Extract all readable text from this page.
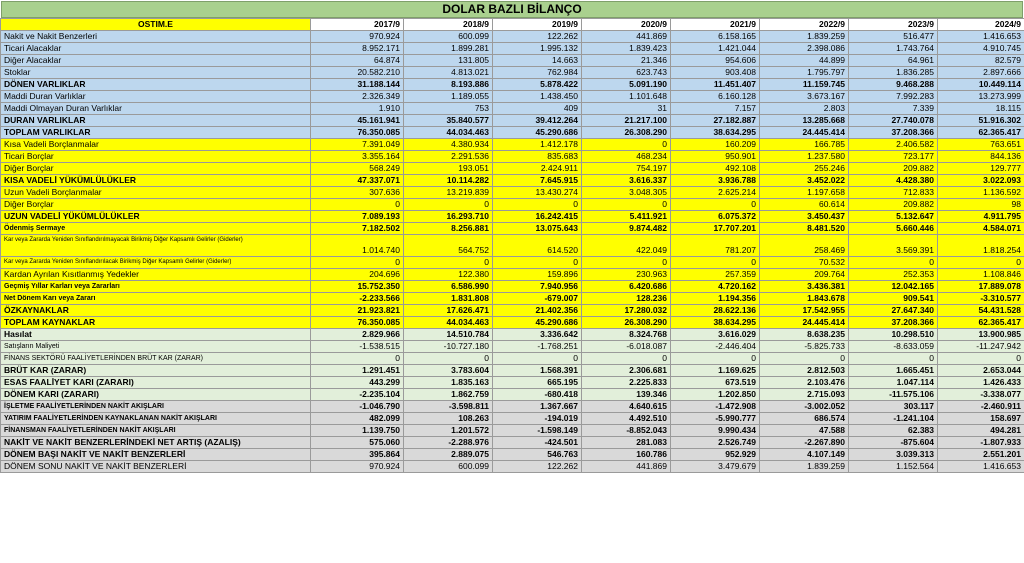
DOLAR BAZLI BİLANÇO
OSTIM.E	2017/9	2018/9	2019/9	2020/9	2021/9	2022/9	2023/9	2024/9
Nakit ve Nakit Benzerleri	970.924	600.099	122.262	441.869	6.158.165	1.839.259	516.477	1.416.653
Ticari Alacaklar	8.952.171	1.899.281	1.995.132	1.839.423	1.421.044	2.398.086	1.743.764	4.910.745
Diğer Alacaklar	64.874	131.805	14.663	21.346	954.606	44.899	64.961	82.579
Stoklar	20.582.210	4.813.021	762.984	623.743	903.408	1.795.797	1.836.285	2.897.666
DÖNEN VARLIKLAR	31.188.144	8.193.886	5.878.422	5.091.190	11.451.407	11.159.745	9.468.288	10.449.114
Maddi Duran Varlıklar	2.326.349	1.189.055	1.438.450	1.101.648	6.160.128	3.673.167	7.992.283	13.273.999
Maddi Olmayan Duran Varlıklar	1.910	753	409	31	7.157	2.803	7.339	18.115
DURAN VARLIKLAR	45.161.941	35.840.577	39.412.264	21.217.100	27.182.887	13.285.668	27.740.078	51.916.302
TOPLAM VARLIKLAR	76.350.085	44.034.463	45.290.686	26.308.290	38.634.295	24.445.414	37.208.366	62.365.417
Kısa Vadeli Borçlanmalar	7.391.049	4.380.934	1.412.178	0	160.209	166.785	2.406.582	763.651
Ticari Borçlar	3.355.164	2.291.536	835.683	468.234	950.901	1.237.580	723.177	844.136
Diğer Borçlar	568.249	193.051	2.424.911	754.197	492.108	255.246	209.882	129.777
KISA VADELİ YÜKÜMLÜLÜKLER	47.337.071	10.114.282	7.645.915	3.616.337	3.936.788	3.452.022	4.428.380	3.022.093
Uzun Vadeli Borçlanmalar	307.636	13.219.839	13.430.274	3.048.305	2.625.214	1.197.658	712.833	1.136.592
Diğer Borçlar	0	0	0	0	0	60.614	209.882	98
UZUN VADELİ YÜKÜMLÜLÜKLER	7.089.193	16.293.710	16.242.415	5.411.921	6.075.372	3.450.437	5.132.647	4.911.795
Ödenmiş Sermaye	7.182.502	8.256.881	13.075.643	9.874.482	17.707.201	8.481.520	5.660.446	4.584.071
Kar veya Zararda Yeniden Sınıflandırılmayacak Birikmiş Diğer Kapsamlı Gelirler (Giderler)	1.014.740	564.752	614.520	422.049	781.207	258.469	3.569.391	1.818.254
Kar veya Zararda Yeniden Sınıflandırılacak Birikmiş Diğer Kapsamlı Gelirler (Giderler)	0	0	0	0	0	70.532	0	0
Kardan Ayrılan Kısıtlanmış Yedekler	204.696	122.380	159.896	230.963	257.359	209.764	252.353	1.108.846
Geçmiş Yıllar Karları veya Zararları	15.752.350	6.586.990	7.940.956	6.420.686	4.720.162	3.436.381	12.042.165	17.889.078
Net Dönem Karı veya Zararı	-2.233.566	1.831.808	-679.007	128.236	1.194.356	1.843.678	909.541	-3.310.577
ÖZKAYNAKLAR	21.923.821	17.626.471	21.402.356	17.280.032	28.622.136	17.542.955	27.647.340	54.431.528
TOPLAM KAYNAKLAR	76.350.085	44.034.463	45.290.686	26.308.290	38.634.295	24.445.414	37.208.366	62.365.417
Hasılat	2.829.966	14.510.784	3.336.642	8.324.768	3.616.029	8.638.235	10.298.510	13.900.985
Satışların Maliyeti	-1.538.515	-10.727.180	-1.768.251	-6.018.087	-2.446.404	-5.825.733	-8.633.059	-11.247.942
FİNANS SEKTÖRÜ FAALİYETLERİNDEN BRÜT KAR (ZARAR)	0	0	0	0	0	0	0	0
BRÜT KAR (ZARAR)	1.291.451	3.783.604	1.568.391	2.306.681	1.169.625	2.812.503	1.665.451	2.653.044
ESAS FAALİYET KARI (ZARARI)	443.299	1.835.163	665.195	2.225.833	673.519	2.103.476	1.047.114	1.426.433
DÖNEM KARI (ZARARI)	-2.235.104	1.862.759	-680.418	139.346	1.202.850	2.715.093	-11.575.106	-3.338.077
İŞLETME FAALİYETLERİNDEN NAKİT AKIŞLARI	-1.046.790	-3.598.811	1.367.667	4.640.615	-1.472.908	-3.002.052	303.117	-2.460.911
YATIRIM FAALİYETLERİNDEN KAYNAKLANAN NAKİT AKIŞLARI	482.099	108.263	-194.019	4.492.510	-5.990.777	686.574	-1.241.104	158.697
FİNANSMAN FAALİYETLERİNDEN NAKİT AKIŞLARI	1.139.750	1.201.572	-1.598.149	-8.852.043	9.990.434	47.588	62.383	494.281
NAKİT VE NAKİT BENZERLERİNDEKİ NET ARTIŞ (AZALIŞ)	575.060	-2.288.976	-424.501	281.083	2.526.749	-2.267.890	-875.604	-1.807.933
DÖNEM BAŞI NAKİT VE NAKİT BENZERLERİ	395.864	2.889.075	546.763	160.786	952.929	4.107.149	3.039.313	2.551.201
DÖNEM SONU NAKİT VE NAKİT BENZERLERİ	970.924	600.099	122.262	441.869	3.479.679	1.839.259	1.152.564	1.416.653
